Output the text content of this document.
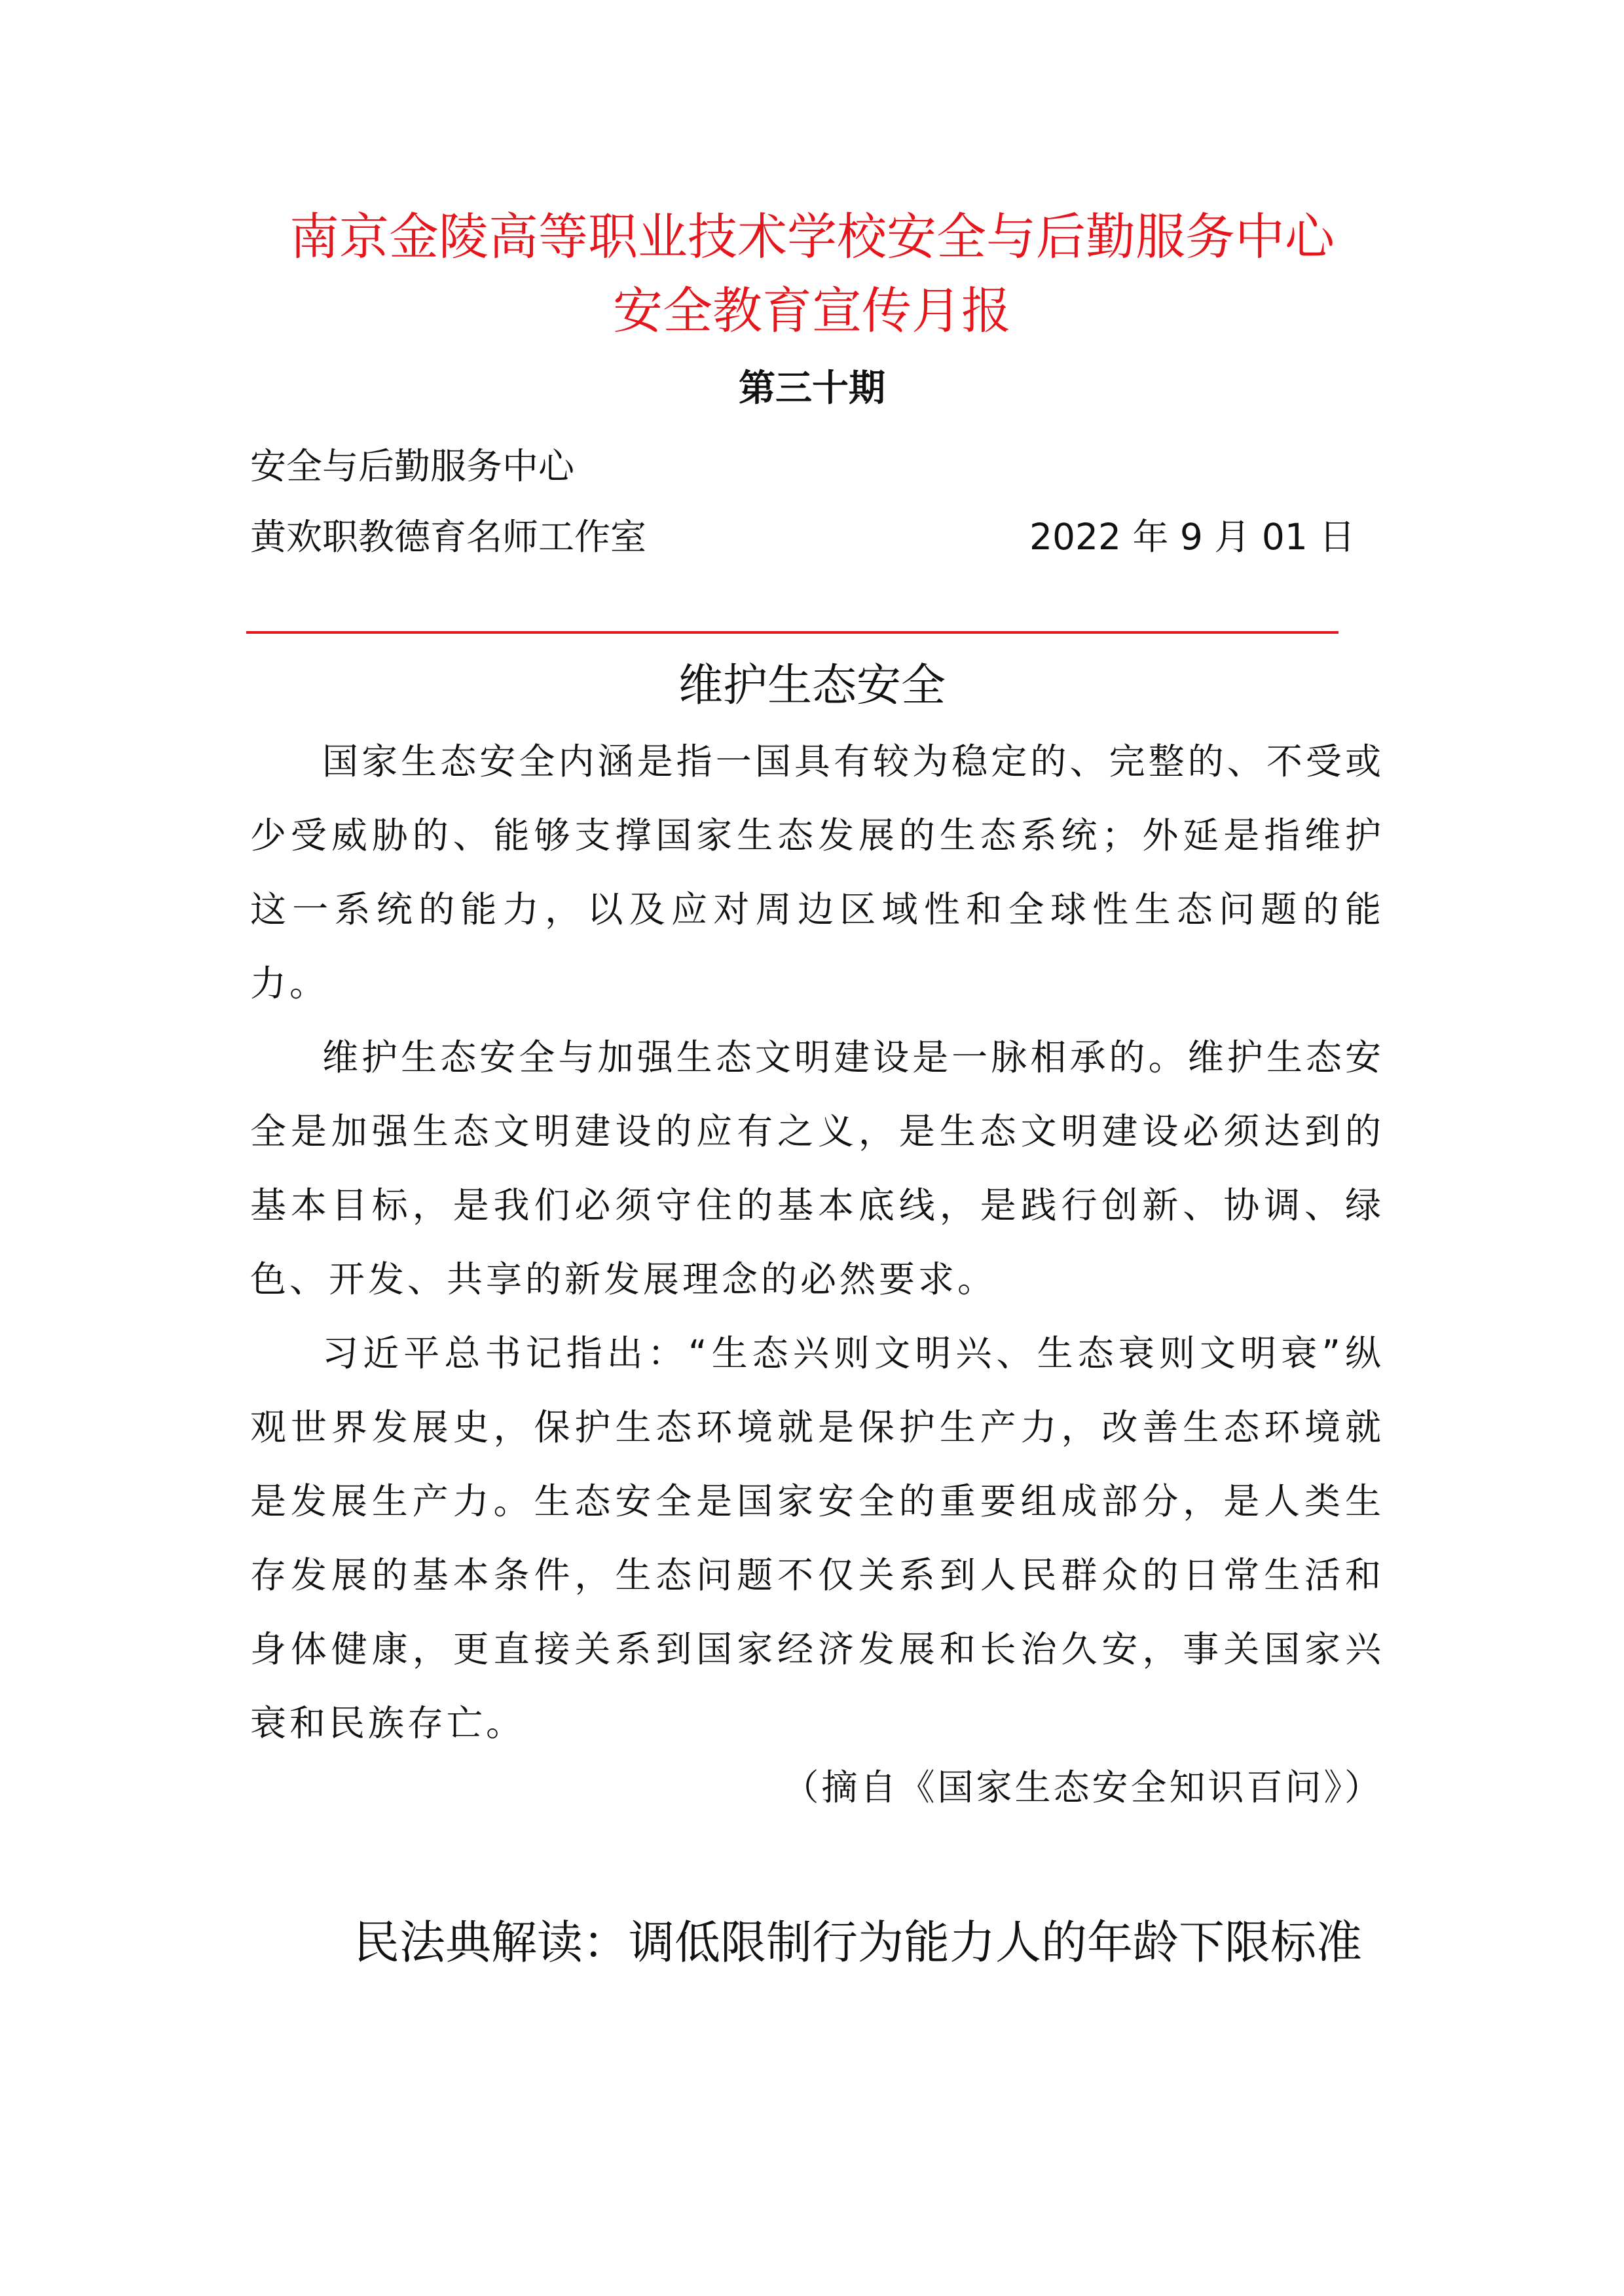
南京金陵高等职业技术学校安全与后勤服务中心
安全教育宣传月报
第三十期
安全与后勤服务中心
黄欢职教德育名师工作室	2022 年 9 月 01 日
维护生态安全

国家生态安全内涵是指一国具有较为稳定的、完整的、不受或少受威胁的、能够支撑国家生态发展的生态系统；外延是指维护这一系统的能力，以及应对周边区域性和全球性生态问题的能力。

维护生态安全与加强生态文明建设是一脉相承的。维护生态安全是加强生态文明建设的应有之义，是生态文明建设必须达到的基本目标，是我们必须守住的基本底线，是践行创新、协调、绿色、开发、共享的新发展理念的必然要求。

习近平总书记指出：“生态兴则文明兴、生态衰则文明衰”纵观世界发展史，保护生态环境就是保护生产力，改善生态环境就是发展生产力。生态安全是国家安全的重要组成部分，是人类生存发展的基本条件，生态问题不仅关系到人民群众的日常生活和身体健康，更直接关系到国家经济发展和长治久安，事关国家兴衰和民族存亡。

（摘自《国家生态安全知识百问》）
民法典解读：调低限制行为能力人的年龄下限标准
